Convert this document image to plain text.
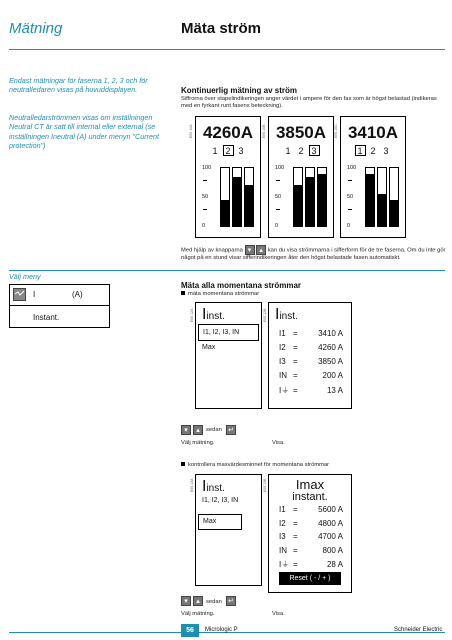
Mätning	Mäta ström
Endast mätningar för faserna 1, 2, 3 och för neutralledaren visas på huvuddisplayen.
Neutralledarströmmen visas om inställningen Neutral CT är satt till internal eller external (se inställningen Ineutral (A) under menyn "Current protection")
Välj meny
I	(A)
Instant.
Kontinuerlig mätning av ström
Siffrorna över stapelindikeringen anger värdet i ampere för den fas som är högst belastad (indikeras med en fyrkant runt fasens beteckning).
E65 10A 4260A
1 2 3
100
50
0
E65 10B 3850A
1 2 3
100
50
0
E65 10C 3410A
1 2 3
100
50
0
Med hjälp av knapparna ▾ ▴ kan du visa strömmarna i sifferform för de tre faserna. Om du inte gör något på en stund visar sifferindikeringen åter den högst belastade fasen automatiskt.
Mäta alla momentana strömmar
mäta momentana strömmar
E65 12A Iinst.
I1, I2, I3, IN
Max
E65 12B Iinst.
I1 =	3410 A
I2 =	4260 A
I3 =	3850 A
IN =	200 A
I⏚ =	13 A
▾	▴	sedan ↵
Välj mätning.	Visa.
kontrollera maxvärdesminnet för momentana strömmar
E65 13A Iinst.
I1, I2, I3, IN
Max
E65 13B	Imax
instant.
I1 =	5600 A
I2 =	4800 A
I3 =	4700 A
IN =	800 A
I⏚ =	28 A
Reset ( - / + )
▾	▴	sedan ↵
Välj mätning.	Visa.
56	Micrologic P	Schneider Electric
